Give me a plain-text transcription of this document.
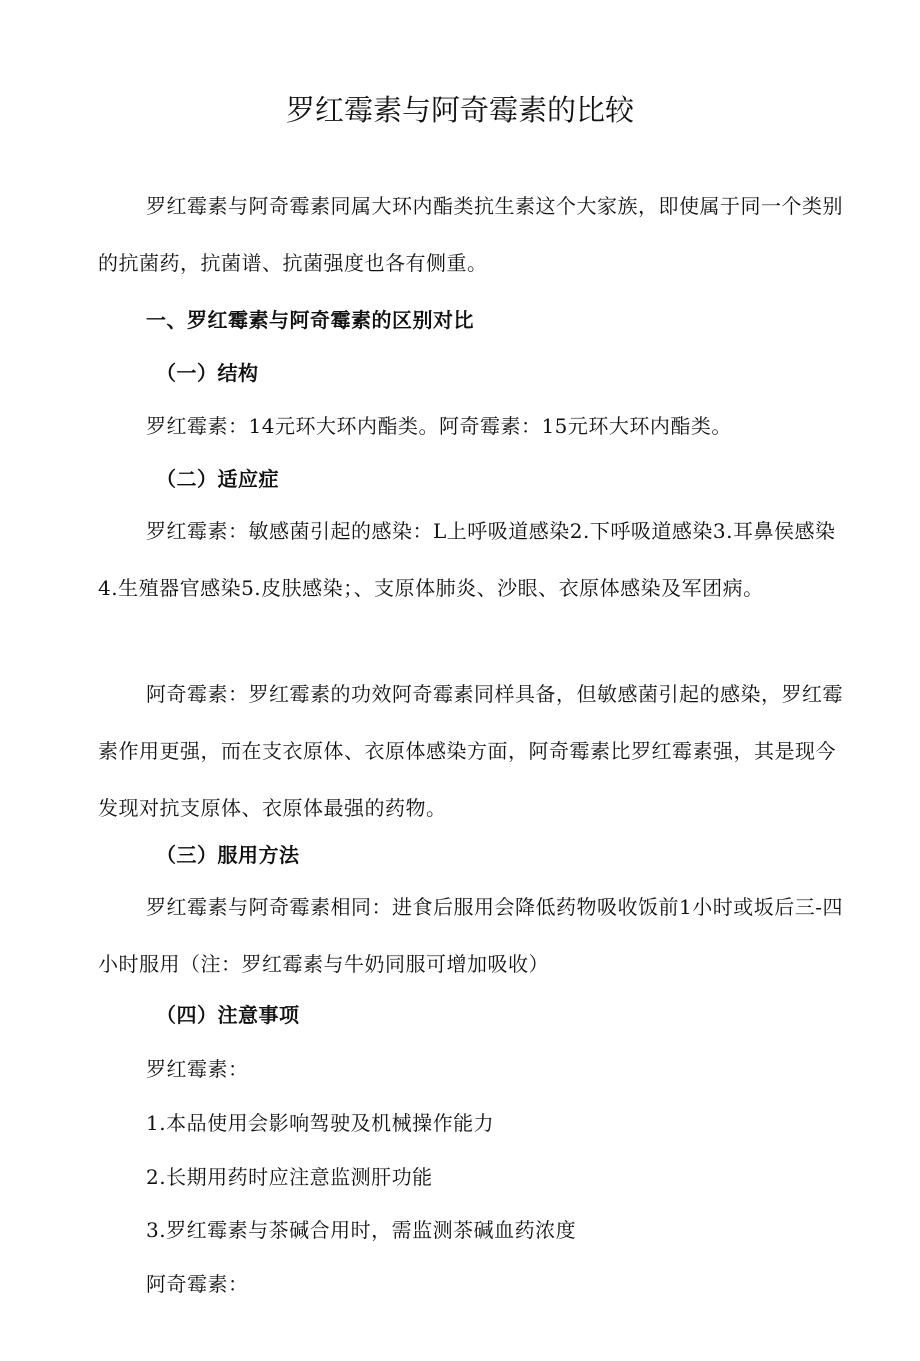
罗红霉素与阿奇霉素的比较

罗红霉素与阿奇霉素同属大环内酯类抗生素这个大家族，即使属于同一个类别的抗菌药，抗菌谱、抗菌强度也各有侧重。

一、罗红霉素与阿奇霉素的区别对比
（一）结构

罗红霉素：14元环大环内酯类。阿奇霉素：15元环大环内酯类。

（二）适应症

罗红霉素：敏感菌引起的感染：L上呼吸道感染2.下呼吸道感染3.耳鼻侯感染4.生殖器官感染5.皮肤感染；、支原体肺炎、沙眼、衣原体感染及军团病。

阿奇霉素：罗红霉素的功效阿奇霉素同样具备，但敏感菌引起的感染，罗红霉素作用更强，而在支衣原体、衣原体感染方面，阿奇霉素比罗红霉素强，其是现今发现对抗支原体、衣原体最强的药物。

（三）服用方法

罗红霉素与阿奇霉素相同：进食后服用会降低药物吸收饭前1小时或坂后三-四小时服用（注：罗红霉素与牛奶同服可增加吸收）

（四）注意事项

罗红霉素：

1.本品使用会影响驾驶及机械操作能力

2.长期用药时应注意监测肝功能

3.罗红霉素与茶碱合用时，需监测茶碱血药浓度

阿奇霉素：
